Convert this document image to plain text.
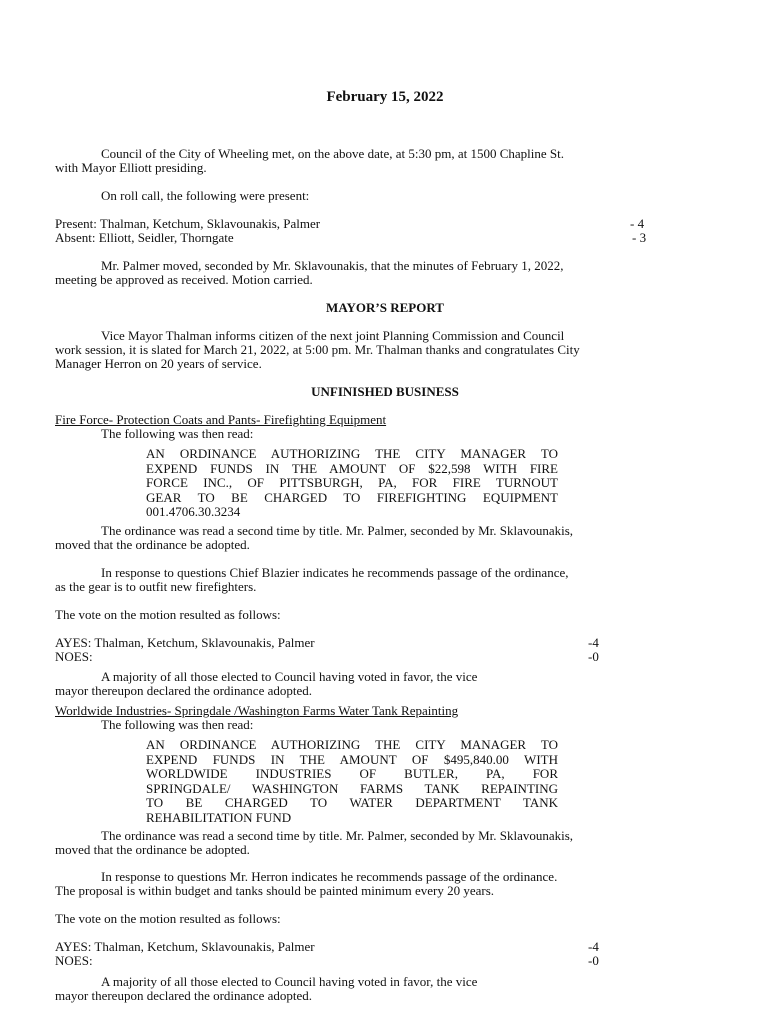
February 15, 2022
Council of the City of Wheeling met, on the above date, at 5:30 pm, at 1500 Chapline St.
with Mayor Elliott presiding.
On roll call, the following were present:
Present: Thalman, Ketchum, Sklavounakis, Palmer	- 4
Absent: Elliott, Seidler, Thorngate	- 3
Mr. Palmer moved, seconded by Mr. Sklavounakis, that the minutes of February 1, 2022,
meeting be approved as received. Motion carried.
MAYOR’S REPORT
Vice Mayor Thalman informs citizen of the next joint Planning Commission and Council
work session, it is slated for March 21, 2022, at 5:00 pm. Mr. Thalman thanks and congratulates City
Manager Herron on 20 years of service.
UNFINISHED BUSINESS
Fire Force- Protection Coats and Pants- Firefighting Equipment
The following was then read:
AN ORDINANCE AUTHORIZING THE CITY MANAGER TO
EXPEND FUNDS IN THE AMOUNT OF $22,598 WITH FIRE
FORCE INC., OF PITTSBURGH, PA, FOR FIRE TURNOUT
GEAR TO BE CHARGED TO FIREFIGHTING EQUIPMENT
001.4706.30.3234
The ordinance was read a second time by title. Mr. Palmer, seconded by Mr. Sklavounakis,
moved that the ordinance be adopted.
In response to questions Chief Blazier indicates he recommends passage of the ordinance,
as the gear is to outfit new firefighters.
The vote on the motion resulted as follows:
AYES: Thalman, Ketchum, Sklavounakis, Palmer	-4
NOES:	-0
A majority of all those elected to Council having voted in favor, the vice
mayor thereupon declared the ordinance adopted.
Worldwide Industries- Springdale /Washington Farms Water Tank Repainting
The following was then read:
AN ORDINANCE AUTHORIZING THE CITY MANAGER TO
EXPEND FUNDS IN THE AMOUNT OF $495,840.00 WITH
WORLDWIDE INDUSTRIES OF BUTLER, PA, FOR
SPRINGDALE/ WASHINGTON FARMS TANK REPAINTING
TO BE CHARGED TO WATER DEPARTMENT TANK
REHABILITATION FUND
The ordinance was read a second time by title. Mr. Palmer, seconded by Mr. Sklavounakis,
moved that the ordinance be adopted.
In response to questions Mr. Herron indicates he recommends passage of the ordinance.
The proposal is within budget and tanks should be painted minimum every 20 years.
The vote on the motion resulted as follows:
AYES: Thalman, Ketchum, Sklavounakis, Palmer	-4
NOES:	-0
A majority of all those elected to Council having voted in favor, the vice
mayor thereupon declared the ordinance adopted.
